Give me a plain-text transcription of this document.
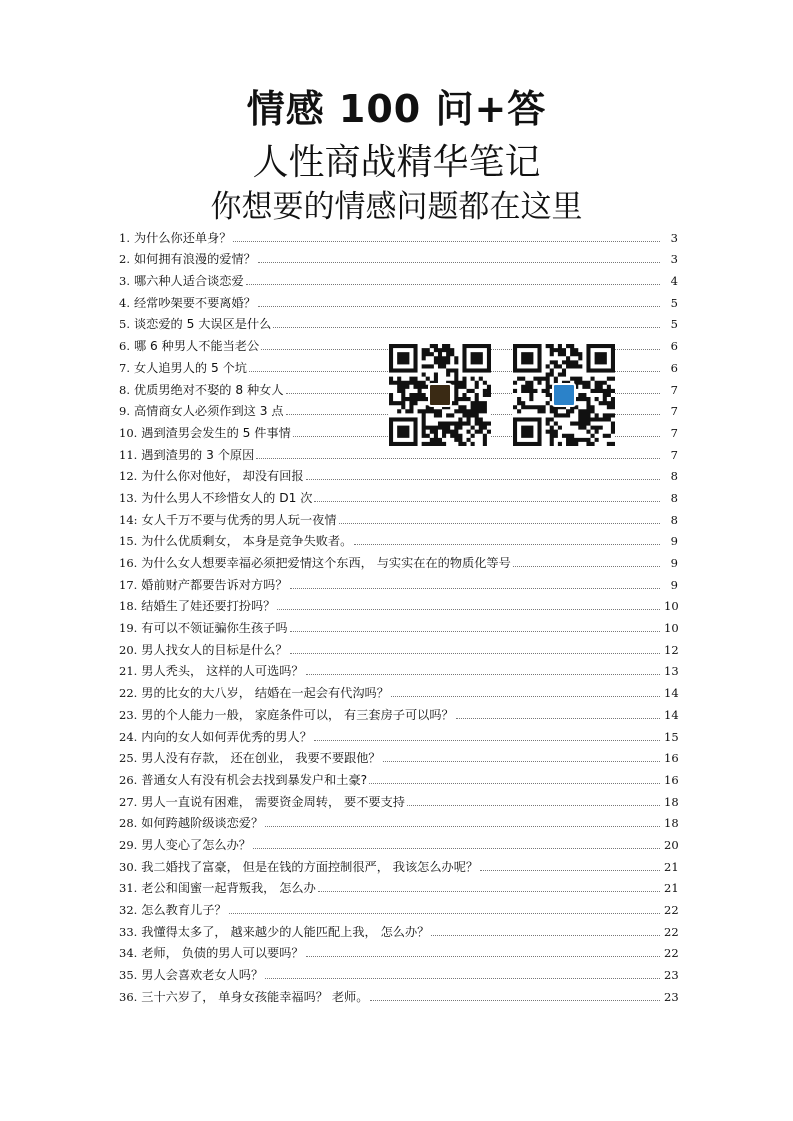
情感 100 问+答
人性商战精华笔记
你想要的情感问题都在这里
1. 为什么你还单身？	3
2. 如何拥有浪漫的爱情？	3
3. 哪六种人适合谈恋爱	4
4. 经常吵架要不要离婚？	5
5. 谈恋爱的 5 大误区是什么	5
6. 哪 6 种男人不能当老公	6
7. 女人追男人的 5 个坑	6
8. 优质男绝对不娶的 8 种女人	7
9. 高情商女人必须作到这 3 点	7
10. 遇到渣男会发生的 5 件事情	7
11. 遇到渣男的 3 个原因	7
12. 为什么你对他好， 却没有回报	8
13. 为什么男人不珍惜女人的 D1 次	8
14: 女人千万不要与优秀的男人玩一夜情	8
15. 为什么优质剩女， 本身是竞争失败者。	9
16. 为什么女人想要幸福必须把爱情这个东西， 与实实在在的物质化等号	9
17. 婚前财产都要告诉对方吗？	9
18. 结婚生了娃还要打扮吗？	10
19. 有可以不领证骗你生孩子吗	10
20. 男人找女人的目标是什么？	12
21. 男人秃头， 这样的人可选吗？	13
22. 男的比女的大八岁， 结婚在一起会有代沟吗？	14
23. 男的个人能力一般， 家庭条件可以， 有三套房子可以吗？	14
24. 内向的女人如何弄优秀的男人？	15
25. 男人没有存款， 还在创业， 我要不要跟他？	16
26. 普通女人有没有机会去找到暴发户和土豪?	16
27. 男人一直说有困难， 需要资金周转， 要不要支持	18
28. 如何跨越阶级谈恋爱？	18
29. 男人变心了怎么办？	20
30. 我二婚找了富豪， 但是在钱的方面控制很严， 我该怎么办呢？	21
31. 老公和闺蜜一起背叛我， 怎么办	21
32. 怎么教育儿子？	22
33. 我懂得太多了， 越来越少的人能匹配上我， 怎么办？	22
34. 老师， 负债的男人可以要吗？	22
35. 男人会喜欢老女人吗？	23
36. 三十六岁了， 单身女孩能幸福吗？ 老师。	23
